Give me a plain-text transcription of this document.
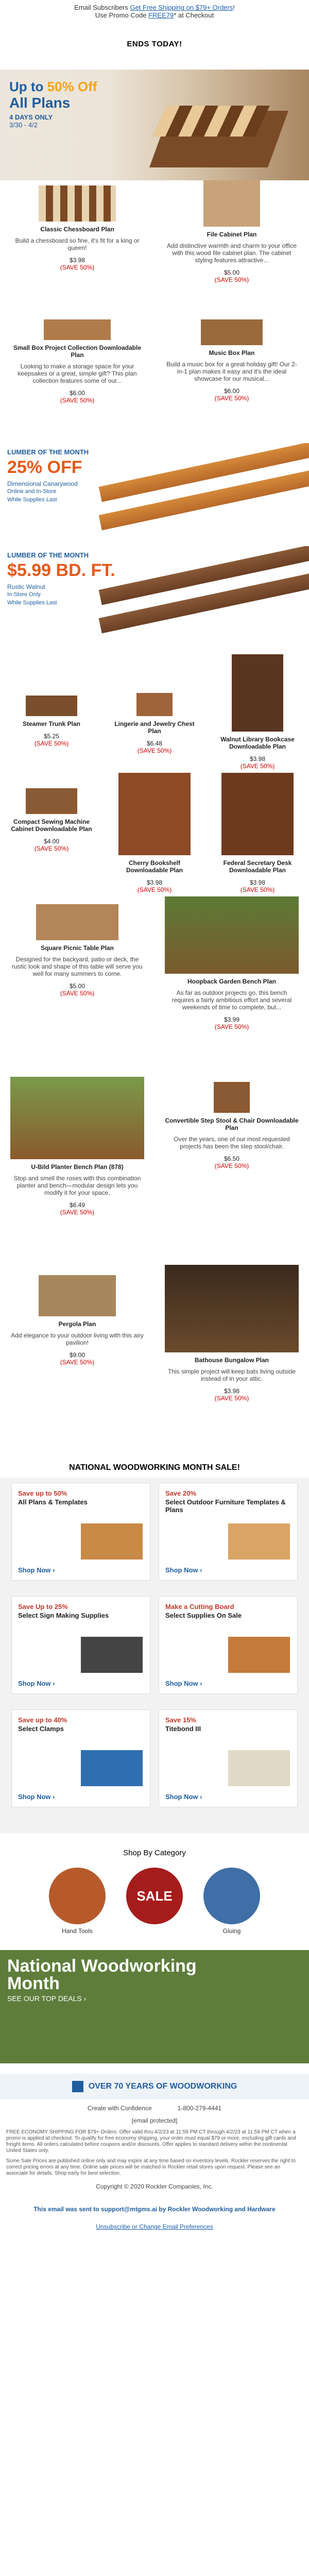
Email Subscribers Get Free Shipping on $79+ Orders!
Use Promo Code FREE79* at Checkout
ENDS TODAY!
Up to 50% Off
All Plans
4 DAYS ONLY
3/30 - 4/2
Classic Chessboard Plan
Build a chessboard so fine, it's fit for a king or queen!
$3.98
(SAVE 50%)
File Cabinet Plan
Add distinctive warmth and charm to your office with this wood file cabinet plan. The cabinet styling features attractive...
$5.00
(SAVE 50%)
Small Box Project Collection Downloadable Plan
Looking to make a storage space for your keepsakes or a great, simple gift? This plan collection features some of our...
$6.00
(SAVE 50%)
Music Box Plan
Build a music box for a great holiday gift! Our 2-in-1 plan makes it easy and it's the ideal showcase for our musical...
$6.00
(SAVE 50%)
LUMBER OF THE MONTH
25% OFF
Dimensional Canarywood
Online and In-Store
While Supplies Last
LUMBER OF THE MONTH
$5.99 BD. FT.
Rustic Walnut
In-Store Only
While Supplies Last
Steamer Trunk Plan
$5.25
(SAVE 50%)
Lingerie and Jewelry Chest Plan
$6.48
(SAVE 50%)
Walnut Library Bookcase Downloadable Plan
$3.98
(SAVE 50%)
Compact Sewing Machine Cabinet Downloadable Plan
$4.00
(SAVE 50%)
Cherry Bookshelf Downloadable Plan
$3.98
(SAVE 50%)
Federal Secretary Desk Downloadable Plan
$3.98
(SAVE 50%)
Square Picnic Table Plan
Designed for the backyard, patio or deck, the rustic look and shape of this table will serve you well for many summers to come.
$5.00
(SAVE 50%)
Hoopback Garden Bench Plan
As far as outdoor projects go, this bench requires a fairly ambitious effort and several weekends of time to complete, but...
$3.99
(SAVE 50%)
U-Bild Planter Bench Plan (878)
Stop and smell the roses with this combination planter and bench—modular design lets you modify it for your space.
$6.49
(SAVE 50%)
Convertible Step Stool & Chair Downloadable Plan
Over the years, one of our most requested projects has been the step stool/chair.
$6.50
(SAVE 50%)
Pergola Plan
Add elegance to your outdoor living with this airy pavilion!
$9.00
(SAVE 50%)	Bathouse Bungalow Plan
This simple project will keep bats living outside instead of in your attic.
$3.98
(SAVE 50%)
NATIONAL WOODWORKING MONTH SALE!
Save up to 50%
All Plans & Templates
Shop Now ›
Save 20%
Select Outdoor Furniture Templates & Plans
Shop Now ›
Save Up to 25%
Select Sign Making Supplies
Shop Now ›
Make a Cutting Board
Select Supplies On Sale
Shop Now ›
Save up to 40%
Select Clamps
Shop Now ›
Save 15%
Titebond III
Shop Now ›
Shop By Category
Hand Tools
SALE
Gluing
National Woodworking
Month
SEE OUR TOP DEALS ›
OVER 70 YEARS OF WOODWORKING
Create with Confidence	1-800-279-4441
[email protected]
FREE ECONOMY SHIPPING FOR $79+ Orders: Offer valid thru 4/2/23 at 11:59 PM CT through 4/2/23 at 11:59 PM CT when a promo is applied at checkout. To qualify for free economy shipping, your order must equal $79 or more, excluding gift cards and freight items. All orders calculated before coupons and/or discounts. Offer applies to standard delivery within the continental United States only.
Some Sale Prices are published online only and may expire at any time based on inventory levels. Rockler reserves the right to correct pricing errors at any time. Online sale prices will be matched in Rockler retail stores upon request. Please see an associate for details. Shop early for best selection.
Copyright © 2020 Rockler Companies, Inc.
This email was sent to support@mtgms.ai by Rockler Woodworking and Hardware
Unsubscribe or Change Email Preferences
